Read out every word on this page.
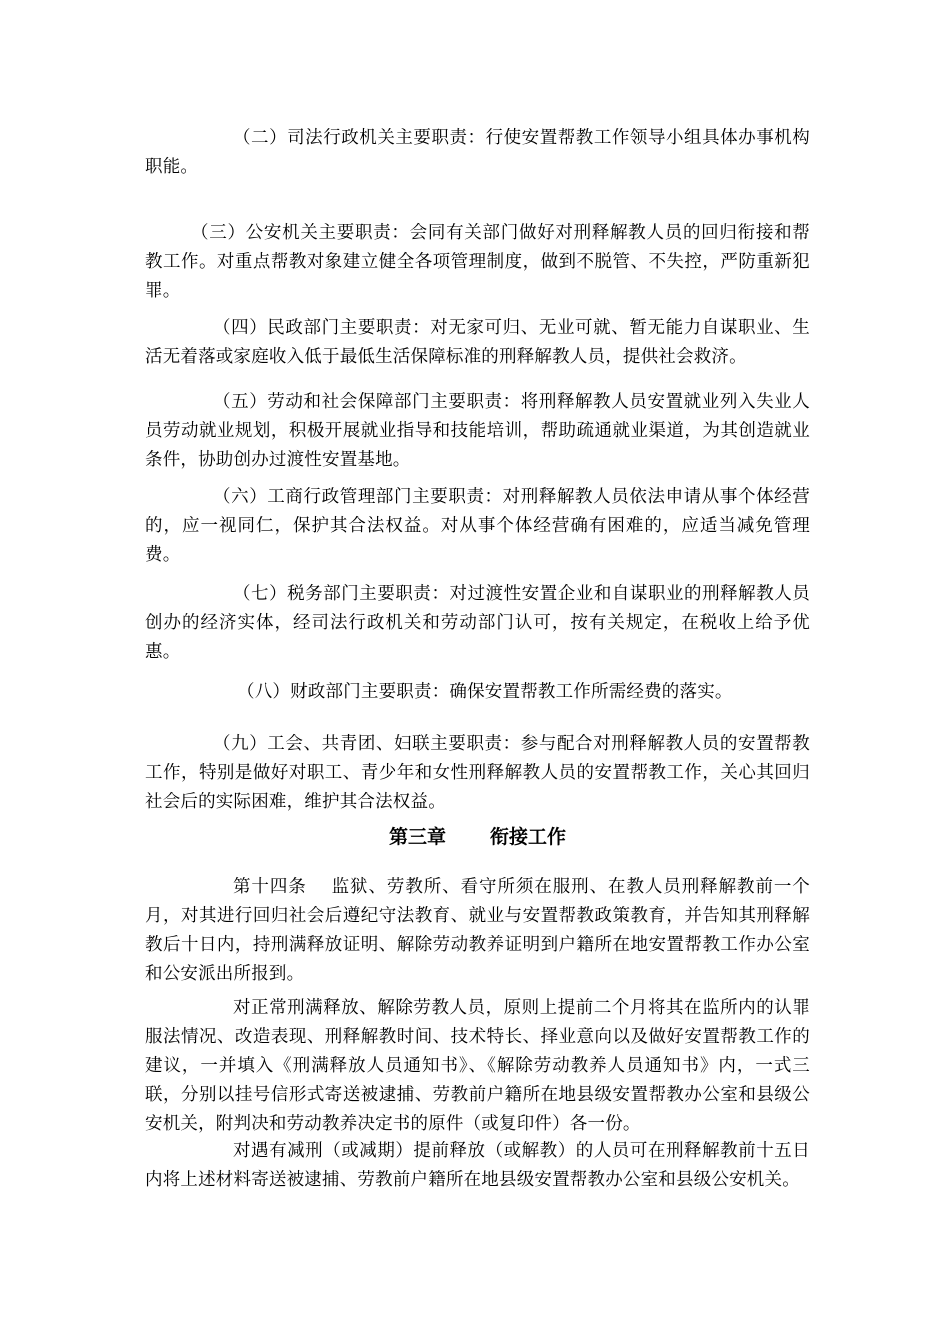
（二）司法行政机关主要职责：行使安置帮教工作领导小组具体办事机构职能。

（三）公安机关主要职责：会同有关部门做好对刑释解教人员的回归衔接和帮教工作。对重点帮教对象建立健全各项管理制度，做到不脱管、不失控，严防重新犯罪。

（四）民政部门主要职责：对无家可归、无业可就、暂无能力自谋职业、生活无着落或家庭收入低于最低生活保障标准的刑释解教人员，提供社会救济。

（五）劳动和社会保障部门主要职责：将刑释解教人员安置就业列入失业人员劳动就业规划，积极开展就业指导和技能培训，帮助疏通就业渠道，为其创造就业条件，协助创办过渡性安置基地。

（六）工商行政管理部门主要职责：对刑释解教人员依法申请从事个体经营的，应一视同仁，保护其合法权益。对从事个体经营确有困难的，应适当减免管理费。

（七）税务部门主要职责：对过渡性安置企业和自谋职业的刑释解教人员创办的经济实体，经司法行政机关和劳动部门认可，按有关规定，在税收上给予优惠。

（八）财政部门主要职责：确保安置帮教工作所需经费的落实。

（九）工会、共青团、妇联主要职责：参与配合对刑释解教人员的安置帮教工作，特别是做好对职工、青少年和女性刑释解教人员的安置帮教工作，关心其回归社会后的实际困难，维护其合法权益。

第三章 衔接工作

第十四条　 监狱、劳教所、看守所须在服刑、在教人员刑释解教前一个月，对其进行回归社会后遵纪守法教育、就业与安置帮教政策教育，并告知其刑释解教后十日内，持刑满释放证明、解除劳动教养证明到户籍所在地安置帮教工作办公室和公安派出所报到。

对正常刑满释放、解除劳教人员，原则上提前二个月将其在监所内的认罪服法情况、改造表现、刑释解教时间、技术特长、择业意向以及做好安置帮教工作的建议，一并填入《刑满释放人员通知书》、《解除劳动教养人员通知书》内，一式三联，分别以挂号信形式寄送被逮捕、劳教前户籍所在地县级安置帮教办公室和县级公安机关，附判决和劳动教养决定书的原件（或复印件）各一份。

对遇有减刑（或减期）提前释放（或解教）的人员可在刑释解教前十五日内将上述材料寄送被逮捕、劳教前户籍所在地县级安置帮教办公室和县级公安机关。
